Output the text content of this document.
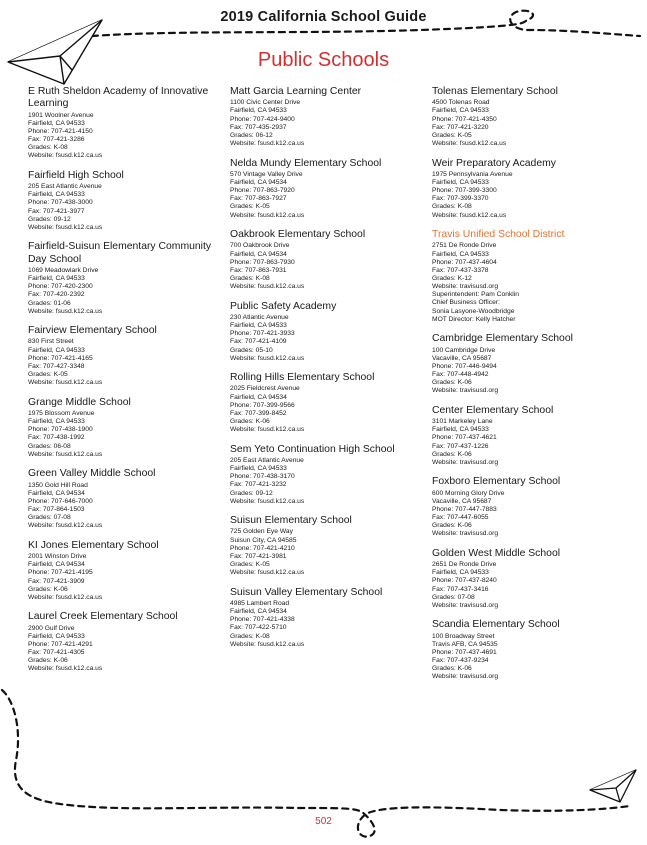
2019 California School Guide
Public Schools
E Ruth Sheldon Academy of Innovative Learning
1901 Woolner Avenue
Fairfield, CA 94533
Phone: 707-421-4150
Fax: 707-421-3286
Grades: K-08
Website: fsusd.k12.ca.us
Fairfield High School
205 East Atlantic Avenue
Fairfield, CA 94533
Phone: 707-438-3000
Fax: 707-421-3977
Grades: 09-12
Website: fsusd.k12.ca.us
Fairfield-Suisun Elementary Community Day School
1069 Meadowlark Drive
Fairfield, CA 94533
Phone: 707-420-2300
Fax: 707-420-2392
Grades: 01-06
Website: fsusd.k12.ca.us
Fairview Elementary School
830 First Street
Fairfield, CA 94533
Phone: 707-421-4165
Fax: 707-427-3348
Grades: K-05
Website: fsusd.k12.ca.us
Grange Middle School
1975 Blossom Avenue
Fairfield, CA 94533
Phone: 707-438-1900
Fax: 707-438-1992
Grades: 06-08
Website: fsusd.k12.ca.us
Green Valley Middle School
1350 Gold Hill Road
Fairfield, CA 94534
Phone: 707-646-7000
Fax: 707-864-1503
Grades: 07-08
Website: fsusd.k12.ca.us
KI Jones Elementary School
2001 Winston Drive
Fairfield, CA 94534
Phone: 707-421-4195
Fax: 707-421-3909
Grades: K-06
Website: fsusd.k12.ca.us
Laurel Creek Elementary School
2900 Gulf Drive
Fairfield, CA 94533
Phone: 707-421-4291
Fax: 707-421-4305
Grades: K-06
Website: fsusd.k12.ca.us
Matt Garcia Learning Center
1100 Civic Center Drive
Fairfield, CA 94533
Phone: 707-424-9400
Fax: 707-435-2937
Grades: 06-12
Website: fsusd.k12.ca.us
Nelda Mundy Elementary School
570 Vintage Valley Drive
Fairfield, CA 94534
Phone: 707-863-7920
Fax: 707-863-7927
Grades: K-05
Website: fsusd.k12.ca.us
Oakbrook Elementary School
700 Oakbrook Drive
Fairfield, CA 94534
Phone: 707-863-7930
Fax: 707-863-7931
Grades: K-08
Website: fsusd.k12.ca.us
Public Safety Academy
230 Atlantic Avenue
Fairfield, CA 94533
Phone: 707-421-3933
Fax: 707-421-4109
Grades: 05-10
Website: fsusd.k12.ca.us
Rolling Hills Elementary School
2025 Fieldcrest Avenue
Fairfield, CA 94534
Phone: 707-399-9566
Fax: 707-399-8452
Grades: K-06
Website: fsusd.k12.ca.us
Sem Yeto Continuation High School
205 East Atlantic Avenue
Fairfield, CA 94533
Phone: 707-438-3170
Fax: 707-421-3232
Grades: 09-12
Website: fsusd.k12.ca.us
Suisun Elementary School
725 Golden Eye Way
Suisun City, CA 94585
Phone: 707-421-4210
Fax: 707-421-3981
Grades: K-05
Website: fsusd.k12.ca.us
Suisun Valley Elementary School
4985 Lambert Road
Fairfield, CA 94534
Phone: 707-421-4338
Fax: 707-422-5710
Grades: K-08
Website: fsusd.k12.ca.us
Tolenas Elementary School
4500 Tolenas Road
Fairfield, CA 94533
Phone: 707-421-4350
Fax: 707-421-3220
Grades: K-05
Website: fsusd.k12.ca.us
Weir Preparatory Academy
1975 Pennsylvania Avenue
Fairfield, CA 94533
Phone: 707-399-3300
Fax: 707-399-3370
Grades: K-08
Website: fsusd.k12.ca.us
Travis Unified School District
2751 De Ronde Drive
Fairfield, CA 94533
Phone: 707-437-4604
Fax: 707-437-3378
Grades: K-12
Website: travisusd.org
Superintendent: Pam Conklin
Chief Business Officer:
Sonia Lasyone-Woodbridge
MOT Director: Kelly Hatcher
Cambridge Elementary School
100 Cambridge Drive
Vacaville, CA 95687
Phone: 707-446-9494
Fax: 707-448-4942
Grades: K-06
Website: travisusd.org
Center Elementary School
3101 Markeley Lane
Fairfield, CA 94533
Phone: 707-437-4621
Fax: 707-437-1226
Grades: K-06
Website: travisusd.org
Foxboro Elementary School
600 Morning Glory Drive
Vacaville, CA 95687
Phone: 707-447-7883
Fax: 707-447-6055
Grades: K-06
Website: travisusd.org
Golden West Middle School
2651 De Ronde Drive
Fairfield, CA 94533
Phone: 707-437-8240
Fax: 707-437-3416
Grades: 07-08
Website: travisusd.org
Scandia Elementary School
100 Broadway Street
Travis AFB, CA 94535
Phone: 707-437-4691
Fax: 707-437-9234
Grades: K-06
Website: travisusd.org
502
